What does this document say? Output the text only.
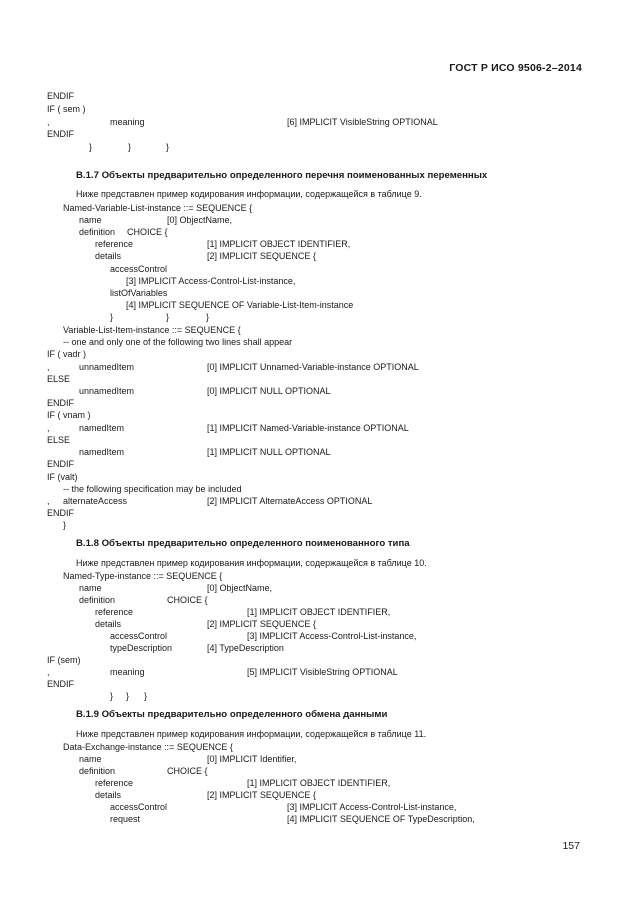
ГОСТ Р ИСО 9506-2–2014
ENDIF
IF ( sem )
,	meaning	[6] IMPLICIT VisibleString OPTIONAL
ENDIF
}	}	}
B.1.7 Объекты предварительно определенного перечня поименованных переменных
Ниже представлен пример кодирования информации, содержащейся в таблице 9.
Named-Variable-List-instance ::= SEQUENCE {
name	[0] ObjectName,
definition CHOICE {
reference	[1] IMPLICIT OBJECT IDENTIFIER,
details	[2] IMPLICIT SEQUENCE {
accessControl
[3] IMPLICIT Access-Control-List-instance,
listOfVariables
[4] IMPLICIT SEQUENCE OF Variable-List-Item-instance
}	}	}
Variable-List-Item-instance ::= SEQUENCE {
-- one and only one of the following two lines shall appear
IF ( vadr )
,	unnamedItem	[0] IMPLICIT Unnamed-Variable-instance OPTIONAL
ELSE
unnamedItem	[0] IMPLICIT NULL OPTIONAL
ENDIF
IF ( vnam )
,	namedItem	[1] IMPLICIT Named-Variable-instance OPTIONAL
ELSE
namedItem	[1] IMPLICIT NULL OPTIONAL
ENDIF
IF (valt)
-- the following specification may be included
, alternateAccess	[2] IMPLICIT AlternateAccess OPTIONAL
ENDIF
}
B.1.8 Объекты предварительно определенного поименованного типа
Ниже представлен пример кодирования информации, содержащейся в таблице 10.
Named-Type-instance ::= SEQUENCE {
name	[0] ObjectName,
definition	CHOICE {
reference	[1] IMPLICIT OBJECT IDENTIFIER,
details	[2] IMPLICIT SEQUENCE {
accessControl	[3] IMPLICIT Access-Control-List-instance,
typeDescription	[4] TypeDescription
IF (sem)
,	meaning	[5] IMPLICIT VisibleString OPTIONAL
ENDIF
} } }
B.1.9 Объекты предварительно определенного обмена данными
Ниже представлен пример кодирования информации, содержащейся в таблице 11.
Data-Exchange-instance ::= SEQUENCE {
name	[0] IMPLICIT Identifier,
definition	CHOICE {
reference	[1] IMPLICIT OBJECT IDENTIFIER,
details	[2] IMPLICIT SEQUENCE {
accessControl	[3] IMPLICIT Access-Control-List-instance,
request	[4] IMPLICIT SEQUENCE OF TypeDescription,
157
